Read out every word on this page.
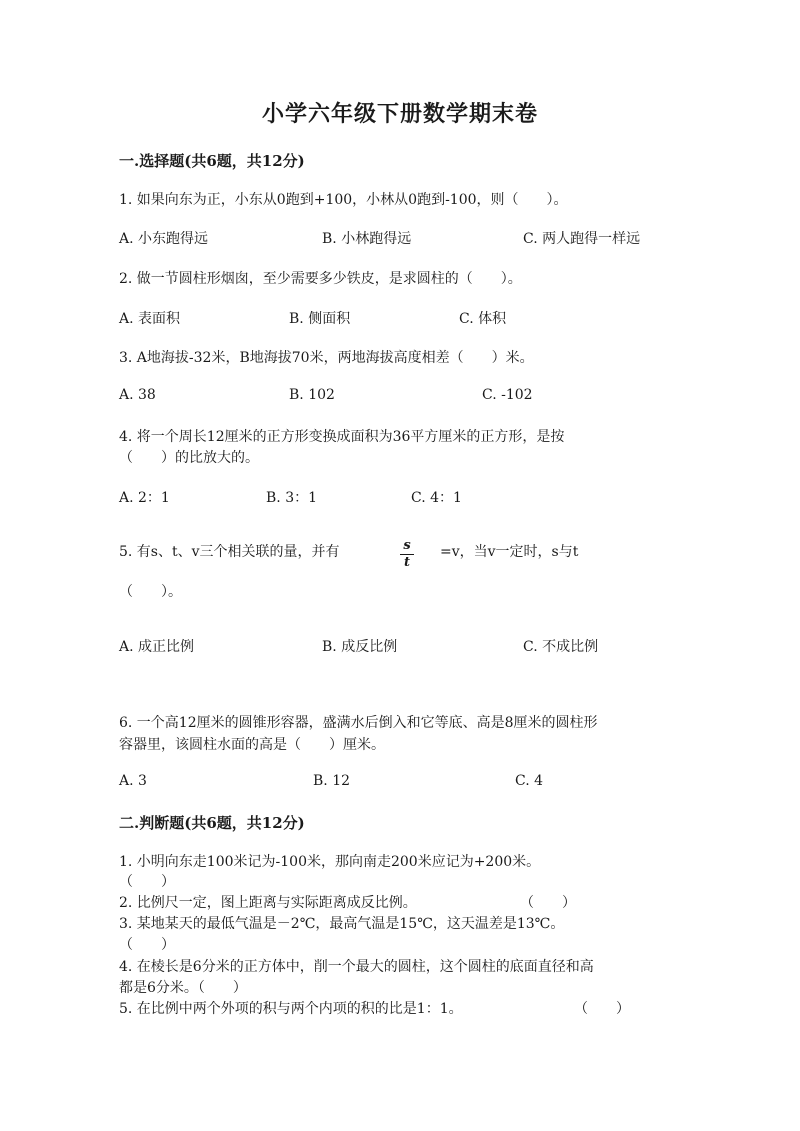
小学六年级下册数学期末卷
一.选择题(共6题，共12分)
1. 如果向东为正，小东从0跑到+100，小林从0跑到-100，则（　　）。
A. 小东跑得远	B. 小林跑得远	C. 两人跑得一样远
2. 做一节圆柱形烟囱，至少需要多少铁皮，是求圆柱的（　　）。
A. 表面积	B. 侧面积	C. 体积
3. A地海拔-32米，B地海拔70米，两地海拔高度相差（　　）米。
A. 38	B. 102	C. -102
4. 将一个周长12厘米的正方形变换成面积为36平方厘米的正方形，是按
（　　）的比放大的。
A. 2：1	B. 3：1	C. 4：1
5. 有s、t、v三个相关联的量，并有	s
t
=v，当v一定时，s与t
（　　）。
A. 成正比例	B. 成反比例	C. 不成比例
6. 一个高12厘米的圆锥形容器，盛满水后倒入和它等底、高是8厘米的圆柱形
容器里，该圆柱水面的高是（　　）厘米。
A. 3	B. 12	C. 4
二.判断题(共6题，共12分)
1. 小明向东走100米记为-100米，那向南走200米应记为+200米。
（　　）
2. 比例尺一定，图上距离与实际距离成反比例。	（　　）
3. 某地某天的最低气温是－2℃，最高气温是15℃，这天温差是13℃。
（　　）
4. 在棱长是6分米的正方体中，削一个最大的圆柱，这个圆柱的底面直径和高
都是6分米。（　　）
5. 在比例中两个外项的积与两个内项的积的比是1：1。	（　　）
